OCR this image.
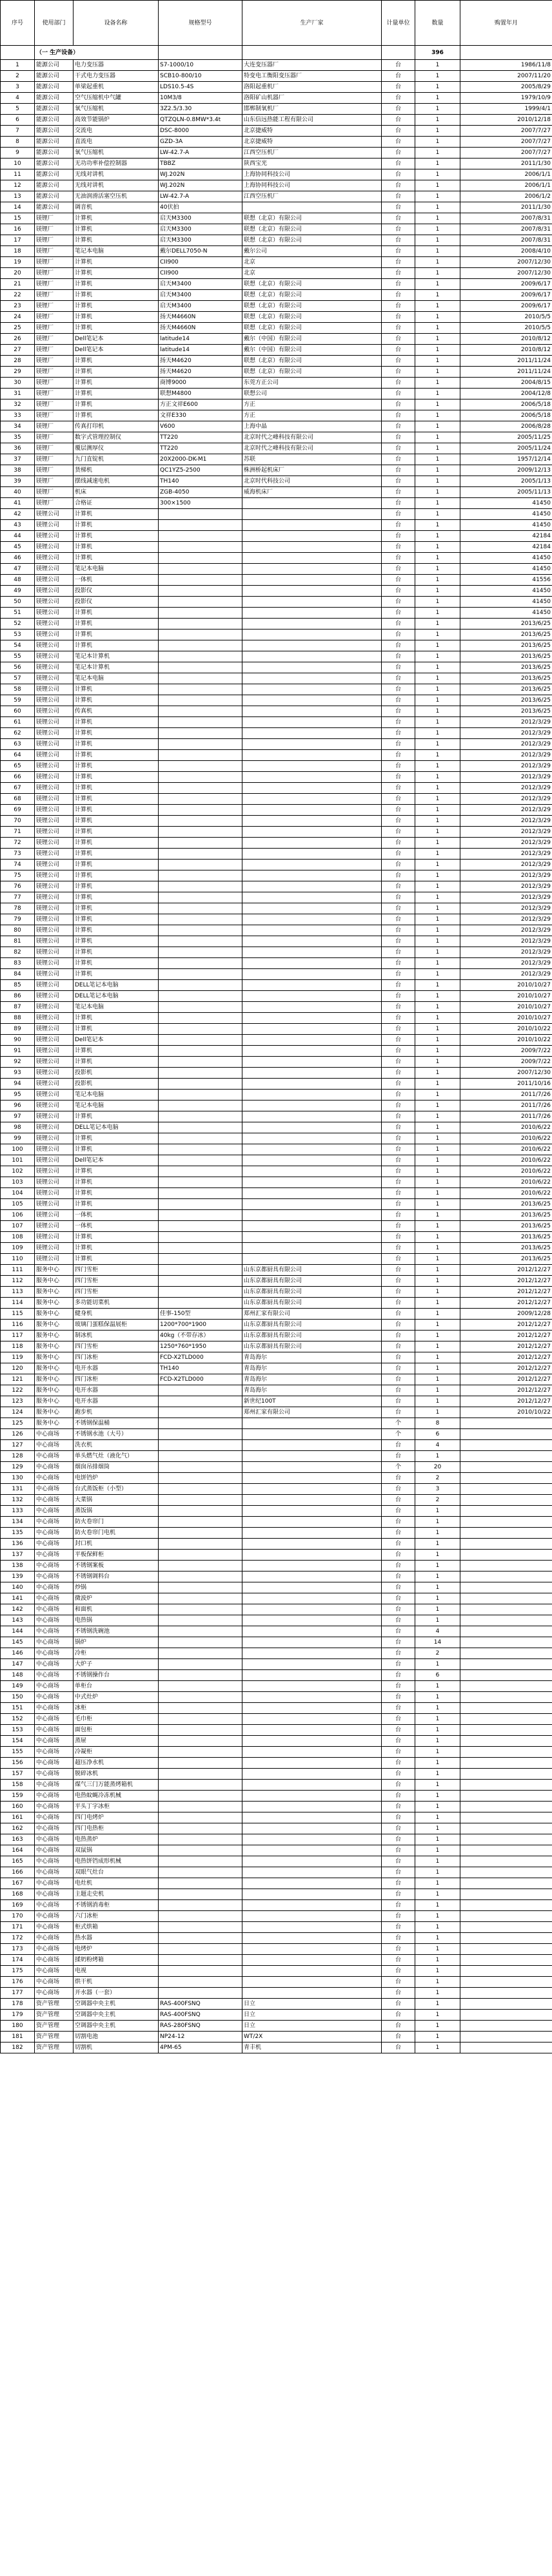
序号	使用部门	设备名称	规格型号	生产厂家	计量单位	数量	购置年月
	（一 生产设备）					396	
1	能源公司	电力变压器	S7-1000/10	大连变压器厂	台	1	1986/11/8
2	能源公司	干式电力变压器	SCB10-800/10	特变电工衡阳变压器厂	台	1	2007/11/20
3	能源公司	单梁起重机	LDS10.5-4S	洛阳起重机厂	台	1	2005/8/29
4	能源公司	空气压缩机中气罐	10M3/8	洛阳矿山机器厂	台	1	1979/10/9
5	能源公司	氧气压缩机	3Z2.5/3.30	邯郸制氧机厂	台	1	1999/4/1
6	能源公司	高效节能锅炉	QTZQLN-0.8MW*3.4t	山东信远热能工程有限公司	台	1	2010/12/18
7	能源公司	交流电	DSC-8000	北京捷威特	台	1	2007/7/27
8	能源公司	直流电	GZD-3A	北京捷威特	台	1	2007/7/27
9	能源公司	氧气压缩机	LW-42.7-A	江西空压机厂	台	1	2007/7/27
10	能源公司	无功功率补偿控制器	TBBZ	陕西宝光	台	1	2011/1/30
11	能源公司	无线对讲机	WJ.202N	上海协同科技公司	台	1	2006/1/1
12	能源公司	无线对讲机	WJ.202N	上海协同科技公司	台	1	2006/1/1
13	能源公司	无油润滑活塞空压机	LW-42.7-A	江西空压机厂	台	1	2006/1/2
14	能源公司	调音机	40伏拍		台	1	2011/1/30
15	镁锂厂	计算机	启天M3300	联想（北京）有限公司	台	1	2007/8/31
16	镁锂厂	计算机	启天M3300	联想（北京）有限公司	台	1	2007/8/31
17	镁锂厂	计算机	启天M3300	联想（北京）有限公司	台	1	2007/8/31
18	镁锂厂	笔记本电脑	戴尔DELL7050-N	戴尔公司	台	1	2008/4/10
19	镁锂厂	计算机	CII900	北京	台	1	2007/12/30
20	镁锂厂	计算机	CII900	北京	台	1	2007/12/30
21	镁锂厂	计算机	启天M3400	联想（北京）有限公司	台	1	2009/6/17
22	镁锂厂	计算机	启天M3400	联想（北京）有限公司	台	1	2009/6/17
23	镁锂厂	计算机	启天M3400	联想（北京）有限公司	台	1	2009/6/17
24	镁锂厂	计算机	扬天M4660N	联想（北京）有限公司	台	1	2010/5/5
25	镁锂厂	计算机	扬天M4660N	联想（北京）有限公司	台	1	2010/5/5
26	镁锂厂	Dell笔记本	latitude14	戴尔（中国）有限公司	台	1	2010/8/12
27	镁锂厂	Dell笔记本	latitude14	戴尔（中国）有限公司	台	1	2010/8/12
28	镁锂厂	计算机	扬天M4620	联想（北京）有限公司	台	1	2011/11/24
29	镁锂厂	计算机	扬天M4620	联想（北京）有限公司	台	1	2011/11/24
30	镁锂厂	计算机	商博9000	东莞方正公司	台	1	2004/8/15
31	镁锂厂	计算机	联想M4800	联想公司	台	1	2004/12/8
32	镁锂厂	计算机	方正文祥E600	方正	台	1	2006/5/18
33	镁锂厂	计算机	文祥E330	方正	台	1	2006/5/18
34	镁锂厂	传真打印机	V600	上海中晶	台	1	2006/8/28
35	镁锂厂	数字式管理控制仪	TT220	北京时代之峰科技有限公司	台	1	2005/11/25
36	镁锂厂	覆层测厚仪	TT220	北京时代之峰科技有限公司	台	1	2005/11/24
37	镁锂厂	九门直锭机	20X2000-DK-M1	苏联	台	1	1957/12/14
38	镁锂厂	货梯机	QC1YZ5-2500	株洲桥起机床厂	台	1	2009/12/13
39	镁锂厂	摆线减速电机	TH140	北京时代科技公司	台	1	2005/1/13
40	镁锂厂	机床	ZGB-4050	威海机床厂	台	1	2005/11/13
41	镁锂厂	合格证	300×1500		台	1	41450
42	镁锂公司	计算机			台	1	41450
43	镁锂公司	计算机			台	1	41450
44	镁锂公司	计算机			台	1	42184
45	镁锂公司	计算机			台	1	42184
46	镁锂公司	计算机			台	1	41450
47	镁锂公司	笔记本电脑			台	1	41450
48	镁锂公司	一体机			台	1	41556
49	镁锂公司	投影仪			台	1	41450
50	镁锂公司	投影仪			台	1	41450
51	镁锂公司	计算机			台	1	41450
52	镁锂公司	计算机			台	1	2013/6/25
53	镁锂公司	计算机			台	1	2013/6/25
54	镁锂公司	计算机			台	1	2013/6/25
55	镁锂公司	笔记本计算机			台	1	2013/6/25
56	镁锂公司	笔记本计算机			台	1	2013/6/25
57	镁锂公司	笔记本电脑			台	1	2013/6/25
58	镁锂公司	计算机			台	1	2013/6/25
59	镁锂公司	计算机			台	1	2013/6/25
60	镁锂公司	传真机			台	1	2013/6/25
61	镁锂公司	计算机			台	1	2012/3/29
62	镁锂公司	计算机			台	1	2012/3/29
63	镁锂公司	计算机			台	1	2012/3/29
64	镁锂公司	计算机			台	1	2012/3/29
65	镁锂公司	计算机			台	1	2012/3/29
66	镁锂公司	计算机			台	1	2012/3/29
67	镁锂公司	计算机			台	1	2012/3/29
68	镁锂公司	计算机			台	1	2012/3/29
69	镁锂公司	计算机			台	1	2012/3/29
70	镁锂公司	计算机			台	1	2012/3/29
71	镁锂公司	计算机			台	1	2012/3/29
72	镁锂公司	计算机			台	1	2012/3/29
73	镁锂公司	计算机			台	1	2012/3/29
74	镁锂公司	计算机			台	1	2012/3/29
75	镁锂公司	计算机			台	1	2012/3/29
76	镁锂公司	计算机			台	1	2012/3/29
77	镁锂公司	计算机			台	1	2012/3/29
78	镁锂公司	计算机			台	1	2012/3/29
79	镁锂公司	计算机			台	1	2012/3/29
80	镁锂公司	计算机			台	1	2012/3/29
81	镁锂公司	计算机			台	1	2012/3/29
82	镁锂公司	计算机			台	1	2012/3/29
83	镁锂公司	计算机			台	1	2012/3/29
84	镁锂公司	计算机			台	1	2012/3/29
85	镁锂公司	DELL笔记本电脑			台	1	2010/10/27
86	镁锂公司	DELL笔记本电脑			台	1	2010/10/27
87	镁锂公司	笔记本电脑			台	1	2010/10/27
88	镁锂公司	计算机			台	1	2010/10/27
89	镁锂公司	计算机			台	1	2010/10/22
90	镁锂公司	Dell笔记本			台	1	2010/10/22
91	镁锂公司	计算机			台	1	2009/7/22
92	镁锂公司	计算机			台	1	2009/7/22
93	镁锂公司	投影机			台	1	2007/12/30
94	镁锂公司	投影机			台	1	2011/10/16
95	镁锂公司	笔记本电脑			台	1	2011/7/26
96	镁锂公司	笔记本电脑			台	1	2011/7/26
97	镁锂公司	计算机			台	1	2011/7/26
98	镁锂公司	DELL笔记本电脑			台	1	2010/6/22
99	镁锂公司	计算机			台	1	2010/6/22
100	镁锂公司	计算机			台	1	2010/6/22
101	镁锂公司	Dell笔记本			台	1	2010/6/22
102	镁锂公司	计算机			台	1	2010/6/22
103	镁锂公司	计算机			台	1	2010/6/22
104	镁锂公司	计算机			台	1	2010/6/22
105	镁锂公司	计算机			台	1	2013/6/25
106	镁锂公司	一体机			台	1	2013/6/25
107	镁锂公司	一体机			台	1	2013/6/25
108	镁锂公司	计算机			台	1	2013/6/25
109	镁锂公司	计算机			台	1	2013/6/25
110	镁锂公司	计算机			台	1	2013/6/25
111	服务中心	四门雪柜		山东京都厨具有限公司	台	1	2012/12/27
112	服务中心	四门雪柜		山东京都厨具有限公司	台	1	2012/12/27
113	服务中心	四门雪柜		山东京都厨具有限公司	台	1	2012/12/27
114	服务中心	多功能切菜机		山东京都厨具有限公司	台	1	2012/12/27
115	服务中心	健身机	佳事-150型	郑州汇家有限公司	台	1	2009/12/28
116	服务中心	玻璃门蛋糕保温展柜	1200*700*1900	山东京都厨具有限公司	台	1	2012/12/27
117	服务中心	制冰机	40kg（不带存冰）	山东京都厨具有限公司	台	1	2012/12/27
118	服务中心	四门雪柜	1250*760*1950	山东京都厨具有限公司	台	1	2012/12/27
119	服务中心	四门冰柜	FCD-X2TLD000	青岛海尔	台	1	2012/12/27
120	服务中心	电开水器	TH140	青岛海尔	台	1	2012/12/27
121	服务中心	四门冰柜	FCD-X2TLD000	青岛海尔	台	1	2012/12/27
122	服务中心	电开水器		青岛海尔	台	1	2012/12/27
123	服务中心	电开水器		新世纪100T	台	1	2012/12/27
124	服务中心	跑步机		郑州汇家有限公司	台	1	2010/10/22
125	服务中心	不锈钢保温桶			个	8	
126	中心商场	不锈钢水池（大号）			个	6	
127	中心商场	洗衣机			台	4	
128	中心商场	单头燃气灶（液化气）			台	1	
129	中心商场	烟囱吊排烟筒			个	20	
130	中心商场	电饼铛炉			台	2	
131	中心商场	台式蒸饭柜（小型）			台	3	
132	中心商场	大菜锅			台	2	
133	中心商场	蒸饭锅			台	1	
134	中心商场	防火卷帘门			台	1	
135	中心商场	防火卷帘门电机			台	1	
136	中心商场	封口机			台	1	
137	中心商场	平板保鲜柜			台	1	
138	中心商场	不锈钢案板			台	1	
139	中心商场	不锈钢调料台			台	1	
140	中心商场	炒锅			台	1	
141	中心商场	微波炉			台	1	
142	中心商场	和面机			台	1	
143	中心商场	电热锅			台	1	
144	中心商场	不锈钢洗碗池			台	4	
145	中心商场	锅炉			台	14	
146	中心商场	冷柜			台	2	
147	中心商场	大炉子			台	1	
148	中心商场	不锈钢操作台			台	6	
149	中心商场	单柜台			台	1	
150	中心商场	中式灶炉			台	1	
151	中心商场	冰柜			台	1	
152	中心商场	毛巾柜			台	1	
153	中心商场	面包柜			台	1	
154	中心商场	蒸屉			台	1	
155	中心商场	冷凝柜			台	1	
156	中心商场	超压净水机			台	1	
157	中心商场	脱碎冰机			台	1	
158	中心商场	煤气三门万能蒸烤箱机			台	1	
159	中心商场	电热蚊蝇冷冻机械			台	1	
160	中心商场	平头丁字冰柜			台	1	
161	中心商场	四门电烤炉			台	1	
162	中心商场	四门电热柜			台	1	
163	中心商场	电热蒸炉			台	1	
164	中心商场	双鼠锅			台	1	
165	中心商场	电热饼铛成形机械			台	1	
166	中心商场	双眼气灶台			台	1	
167	中心商场	电灶机			台	1	
168	中心商场	主题走史机			台	1	
169	中心商场	不锈钢消毒柜			台	1	
170	中心商场	六门冰柜			台	1	
171	中心商场	柜式烘箱			台	1	
172	中心商场	热水器			台	1	
173	中心商场	电烤炉			台	1	
174	中心商场	揉奶粉烤箱			台	1	
175	中心商场	电视			台	1	
176	中心商场	烘干机			台	1	
177	中心商场	开水器（一套）			台	1	
178	资产管理	空调器中央主机	RAS-400FSNQ	日立	台	1	
179	资产管理	空调器中央主机	RAS-400FSNQ	日立	台	1	
180	资产管理	空调器中央主机	RAS-280FSNQ	日立	台	1	
181	资产管理	切割电池	NP24-12	WT/2X	台	1	
182	资产管理	切割机	4PM-65	青丰机	台	1	
